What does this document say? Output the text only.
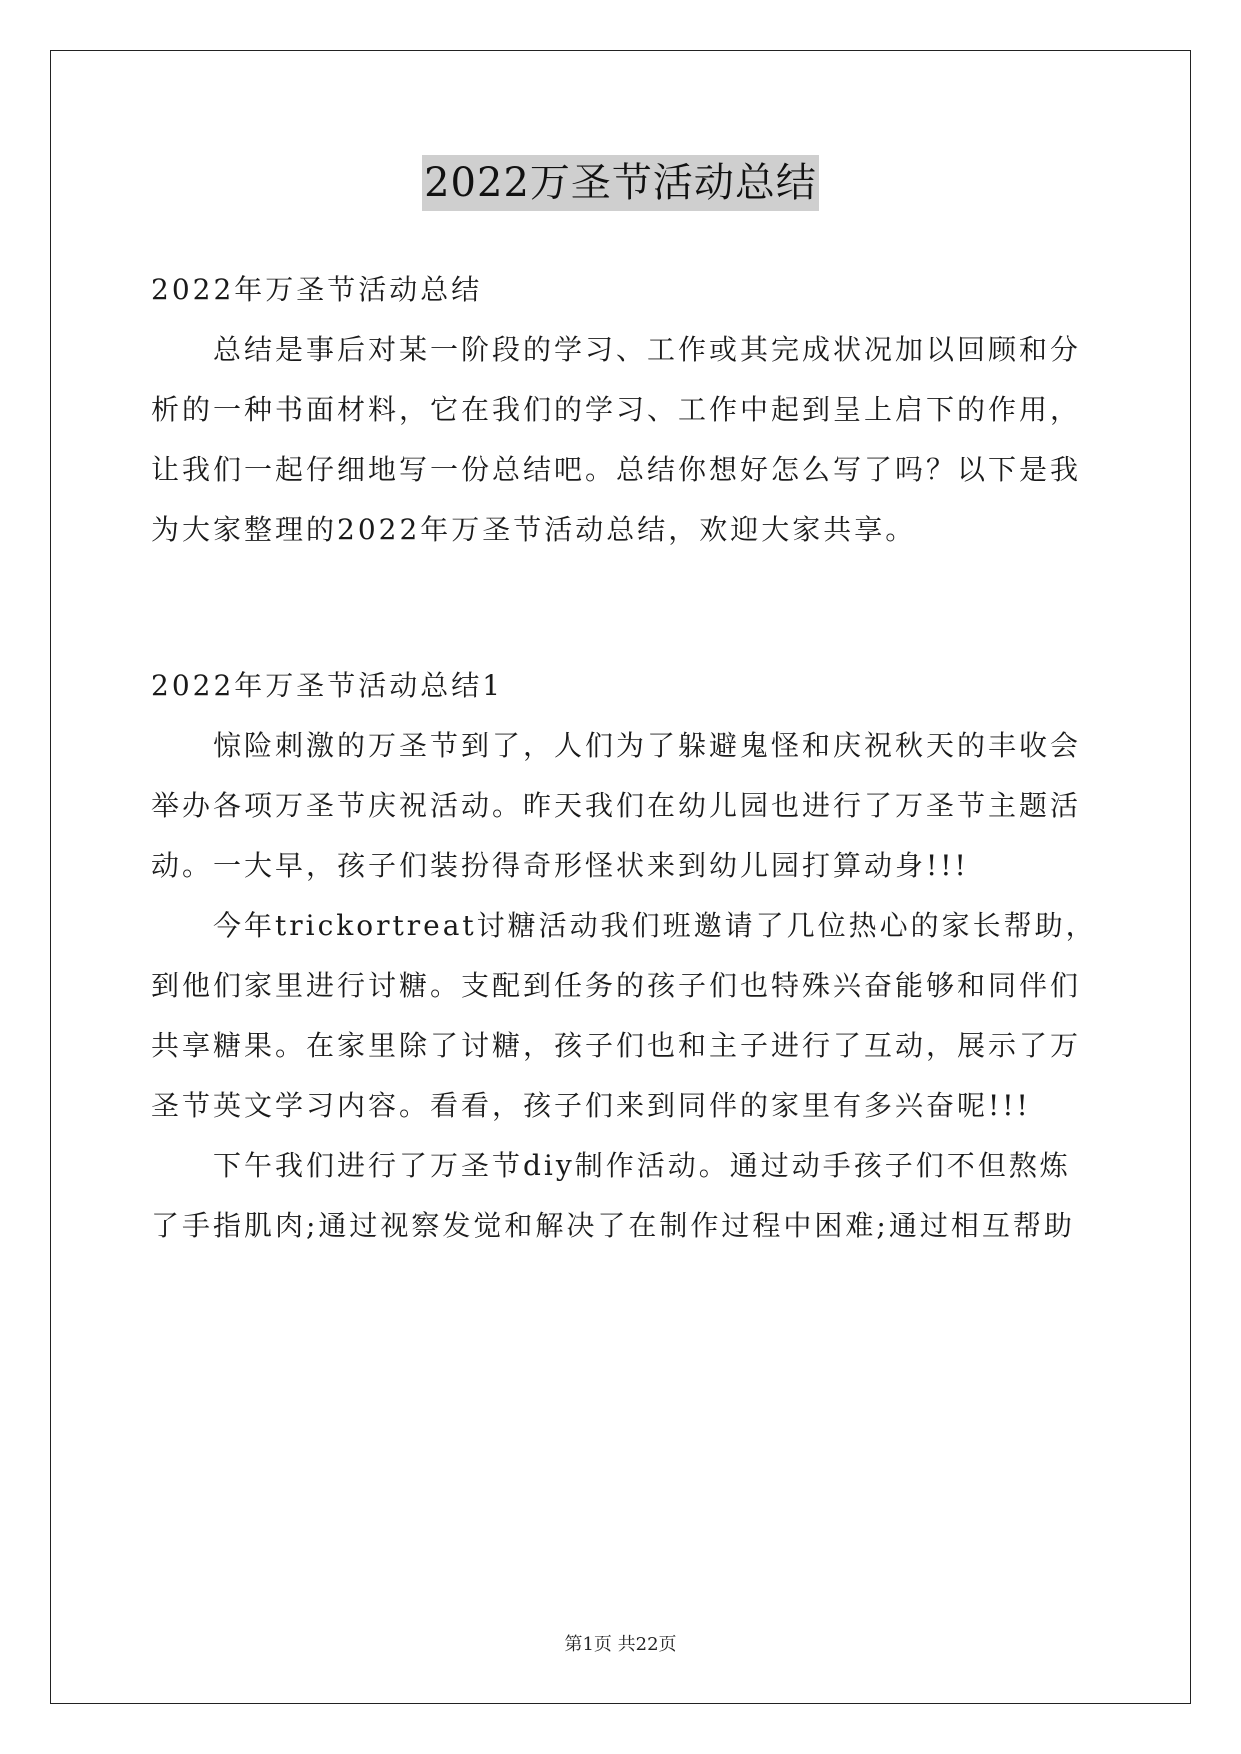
2022万圣节活动总结
2022年万圣节活动总结
总结是事后对某一阶段的学习、工作或其完成状况加以回顾和分
析的一种书面材料，它在我们的学习、工作中起到呈上启下的作用，
让我们一起仔细地写一份总结吧。总结你想好怎么写了吗？以下是我
为大家整理的2022年万圣节活动总结，欢迎大家共享。
2022年万圣节活动总结1
惊险刺激的万圣节到了，人们为了躲避鬼怪和庆祝秋天的丰收会
举办各项万圣节庆祝活动。昨天我们在幼儿园也进行了万圣节主题活
动。一大早，孩子们装扮得奇形怪状来到幼儿园打算动身!!!
今年trickortreat讨糖活动我们班邀请了几位热心的家长帮助，
到他们家里进行讨糖。支配到任务的孩子们也特殊兴奋能够和同伴们
共享糖果。在家里除了讨糖，孩子们也和主子进行了互动，展示了万
圣节英文学习内容。看看，孩子们来到同伴的家里有多兴奋呢!!!
下午我们进行了万圣节diy制作活动。通过动手孩子们不但熬炼
了手指肌肉;通过视察发觉和解决了在制作过程中困难;通过相互帮助
第1页 共22页
